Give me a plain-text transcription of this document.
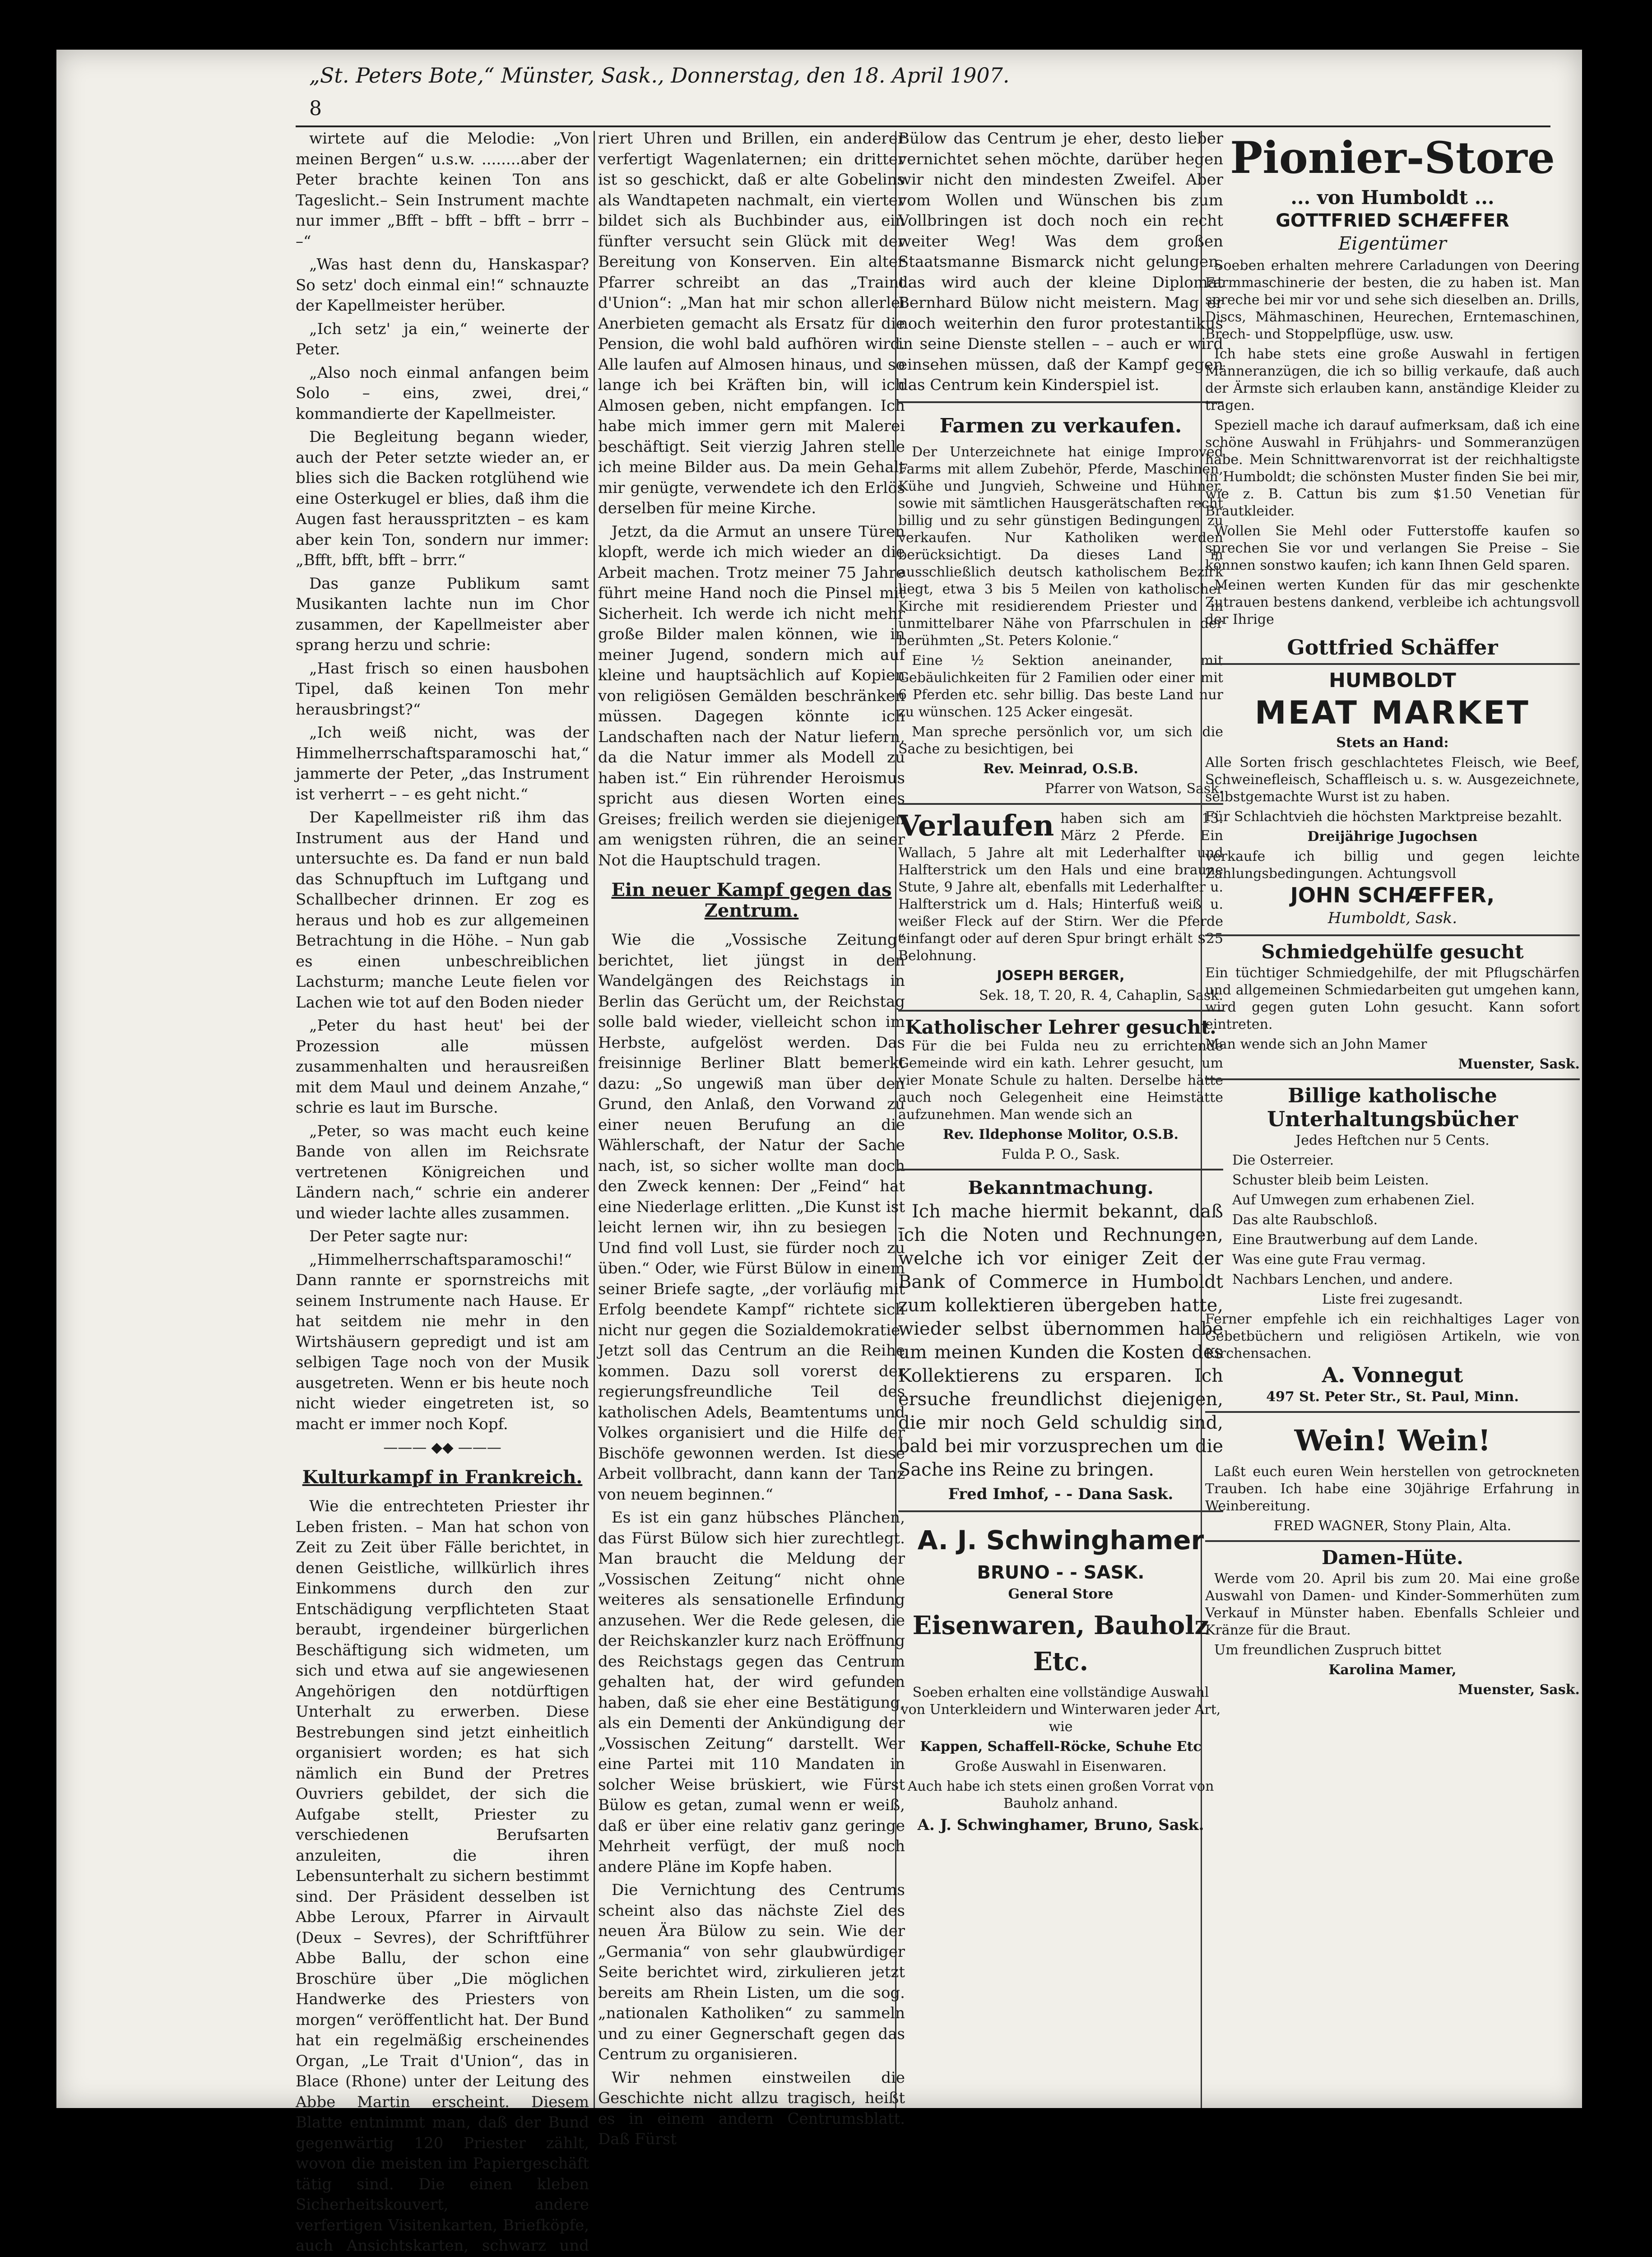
„St. Peters Bote,“ Münster, Sask., Donnerstag, den 18. April 1907.
8

wirtete auf die Melodie: „Von meinen Bergen“ u.s.w. ........aber der Peter brachte keinen Ton ans Tageslicht.– Sein Instrument machte nur immer „Bfft – bfft – bfft – brrr – –“

„Was hast denn du, Hanskaspar? So setz' doch einmal ein!“ schnauzte der Kapellmeister herüber.

„Ich setz' ja ein,“ weinerte der Peter.

„Also noch einmal anfangen beim Solo – eins, zwei, drei,“ kommandierte der Kapellmeister.

Die Begleitung begann wieder, auch der Peter setzte wieder an, er blies sich die Backen rotglühend wie eine Osterkugel er blies, daß ihm die Augen fast herausspritzten – es kam aber kein Ton, sondern nur immer: „Bfft, bfft, bfft – brrr.“

Das ganze Publikum samt Musikanten lachte nun im Chor zusammen, der Kapellmeister aber sprang herzu und schrie:

„Hast frisch so einen hausbohen Tipel, daß keinen Ton mehr herausbringst?“

„Ich weiß nicht, was der Himmelherrschaftsparamoschi hat,“ jammerte der Peter, „das Instrument ist verherrt – – es geht nicht.“

Der Kapellmeister riß ihm das Instrument aus der Hand und untersuchte es. Da fand er nun bald das Schnupftuch im Luftgang und Schallbecher drinnen. Er zog es heraus und hob es zur allgemeinen Betrachtung in die Höhe. – Nun gab es einen unbeschreiblichen Lachsturm; manche Leute fielen vor Lachen wie tot auf den Boden nieder

„Peter du hast heut' bei der Prozession alle müssen zusammenhalten und herausreißen mit dem Maul und deinem Anzahe,“ schrie es laut im Bursche.

„Peter, so was macht euch keine Bande von allen im Reichsrate vertretenen Königreichen und Ländern nach,“ schrie ein anderer und wieder lachte alles zusammen.

Der Peter sagte nur:

„Himmelherrschaftsparamoschi!“ Dann rannte er spornstreichs mit seinem Instrumente nach Hause. Er hat seitdem nie mehr in den Wirtshäusern gepredigt und ist am selbigen Tage noch von der Musik ausgetreten. Wenn er bis heute noch nicht wieder eingetreten ist, so macht er immer noch Kopf.

——— ◆◆ ———

Kulturkampf in Frankreich.

Wie die entrechteten Priester ihr Leben fristen. – Man hat schon von Zeit zu Zeit über Fälle berichtet, in denen Geistliche, willkürlich ihres Einkommens durch den zur Entschädigung verpflichteten Staat beraubt, irgendeiner bürgerlichen Beschäftigung sich widmeten, um sich und etwa auf sie angewiesenen Angehörigen den notdürftigen Unterhalt zu erwerben. Diese Bestrebungen sind jetzt einheitlich organisiert worden; es hat sich nämlich ein Bund der Pretres Ouvriers gebildet, der sich die Aufgabe stellt, Priester zu verschiedenen Berufsarten anzuleiten, die ihren Lebensunterhalt zu sichern bestimmt sind. Der Präsident desselben ist Abbe Leroux, Pfarrer in Airvault (Deux – Sevres), der Schriftführer Abbe Ballu, der schon eine Broschüre über „Die möglichen Handwerke des Priesters von morgen“ veröffentlicht hat. Der Bund hat ein regelmäßig erscheinendes Organ, „Le Trait d'Union“, das in Blace (Rhone) unter der Leitung des Abbe Martin erscheint. Diesem Blatte entnimmt man, daß der Bund gegenwärtig 120 Priester zählt, wovon die meisten im Papiergeschäft tätig sind. Die einen kleben Sicherheitskouvert, andere verfertigen Visitenkarten, Briefköpfe, auch Ansichtskarten, schwarz und

riert Uhren und Brillen, ein anderer verfertigt Wagenlaternen; ein dritter ist so geschickt, daß er alte Gobelins als Wandtapeten nachmalt, ein vierter bildet sich als Buchbinder aus, ein fünfter versucht sein Glück mit der Bereitung von Konserven. Ein alter Pfarrer schreibt an das „Traint d'Union“: „Man hat mir schon allerlei Anerbieten gemacht als Ersatz für die Pension, die wohl bald aufhören wird. Alle laufen auf Almosen hinaus, und so lange ich bei Kräften bin, will ich Almosen geben, nicht empfangen. Ich habe mich immer gern mit Malerei beschäftigt. Seit vierzig Jahren stelle ich meine Bilder aus. Da mein Gehalt mir genügte, verwendete ich den Erlös derselben für meine Kirche.

Jetzt, da die Armut an unsere Türen klopft, werde ich mich wieder an die Arbeit machen. Trotz meiner 75 Jahre führt meine Hand noch die Pinsel mit Sicherheit. Ich werde ich nicht mehr große Bilder malen können, wie in meiner Jugend, sondern mich auf kleine und hauptsächlich auf Kopien von religiösen Gemälden beschränken müssen. Dagegen könnte ich Landschaften nach der Natur liefern, da die Natur immer als Modell zu haben ist.“ Ein rührender Heroismus spricht aus diesen Worten eines Greises; freilich werden sie diejenigen am wenigsten rühren, die an seiner Not die Hauptschuld tragen.

Ein neuer Kampf gegen das Zentrum.

Wie die „Vossische Zeitung“ berichtet, liet jüngst in den Wandelgängen des Reichstags in Berlin das Gerücht um, der Reichstag solle bald wieder, vielleicht schon im Herbste, aufgelöst werden. Das freisinnige Berliner Blatt bemerkt dazu: „So ungewiß man über den Grund, den Anlaß, den Vorwand zu einer neuen Berufung an die Wählerschaft, der Natur der Sache nach, ist, so sicher wollte man doch den Zweck kennen: Der „Feind“ hat eine Niederlage erlitten. „Die Kunst ist leicht lernen wir, ihn zu besiegen – Und find voll Lust, sie fürder noch zu üben.“ Oder, wie Fürst Bülow in einem seiner Briefe sagte, „der vorläufig mit Erfolg beendete Kampf“ richtete sich nicht nur gegen die Sozialdemokratie. Jetzt soll das Centrum an die Reihe kommen. Dazu soll vorerst der regierungsfreundliche Teil des katholischen Adels, Beamtentums und Volkes organisiert und die Hilfe der Bischöfe gewonnen werden. Ist diese Arbeit vollbracht, dann kann der Tanz von neuem beginnen.“

Es ist ein ganz hübsches Plänchen, das Fürst Bülow sich hier zurechtlegt. Man braucht die Meldung der „Vossischen Zeitung“ nicht ohne weiteres als sensationelle Erfindung anzusehen. Wer die Rede gelesen, die der Reichskanzler kurz nach Eröffnung des Reichstags gegen das Centrum gehalten hat, der wird gefunden haben, daß sie eher eine Bestätigung, als ein Dementi der Ankündigung der „Vossischen Zeitung“ darstellt. Wer eine Partei mit 110 Mandaten in solcher Weise brüskiert, wie Fürst Bülow es getan, zumal wenn er weiß, daß er über eine relativ ganz geringe Mehrheit verfügt, der muß noch andere Pläne im Kopfe haben.

Die Vernichtung des Centrums scheint also das nächste Ziel des neuen Ära Bülow zu sein. Wie der „Germania“ von sehr glaubwürdiger Seite berichtet wird, zirkulieren jetzt bereits am Rhein Listen, um die sog. „nationalen Katholiken“ zu sammeln und zu einer Gegnerschaft gegen das Centrum zu organisieren.

Wir nehmen einstweilen die Geschichte nicht allzu tragisch, heißt es in einem andern Centrumsblatt. Daß Fürst

Bülow das Centrum je eher, desto lieber vernichtet sehen möchte, darüber hegen wir nicht den mindesten Zweifel. Aber vom Wollen und Wünschen bis zum Vollbringen ist doch noch ein recht weiter Weg! Was dem großen Staatsmanne Bismarck nicht gelungen, das wird auch der kleine Diplomat Bernhard Bülow nicht meistern. Mag er noch weiterhin den furor protestantikus in seine Dienste stellen – – auch er wird einsehen müssen, daß der Kampf gegen das Centrum kein Kinderspiel ist.

Farmen zu verkaufen.

Der Unterzeichnete hat einige Improved Farms mit allem Zubehör, Pferde, Maschinen, Kühe und Jungvieh, Schweine und Hühner, sowie mit sämtlichen Hausgerätschaften recht billig und zu sehr günstigen Bedingungen zu verkaufen. Nur Katholiken werden berücksichtigt. Da dieses Land in ausschließlich deutsch katholischem Bezirk liegt, etwa 3 bis 5 Meilen von katholischer Kirche mit residierendem Priester und in unmittelbarer Nähe von Pfarrschulen in der berühmten „St. Peters Kolonie.“

Eine ½ Sektion aneinander, mit Gebäulichkeiten für 2 Familien oder einer mit 6 Pferden etc. sehr billig. Das beste Land nur zu wünschen. 125 Acker eingesät.

Man spreche persönlich vor, um sich die Sache zu besichtigen, bei

Rev. Meinrad, O.S.B.

Pfarrer von Watson, Sask.

Verlaufen haben sich am 13. März 2 Pferde. Ein Wallach, 5 Jahre alt mit Lederhalfter und Halfterstrick um den Hals und eine braune Stute, 9 Jahre alt, ebenfalls mit Lederhalfter u. Halfterstrick um d. Hals; Hinterfuß weiß u. weißer Fleck auf der Stirn. Wer die Pferde einfangt oder auf deren Spur bringt erhält $25 Belohnung.

JOSEPH BERGER,

Sek. 18, T. 20, R. 4, Cahaplin, Sask.

Katholischer Lehrer gesucht.

Für die bei Fulda neu zu errichtende Gemeinde wird ein kath. Lehrer gesucht, um vier Monate Schule zu halten. Derselbe hätte auch noch Gelegenheit eine Heimstätte aufzunehmen. Man wende sich an

Rev. Ildephonse Molitor, O.S.B.

Fulda P. O., Sask.

Bekanntmachung.

Ich mache hiermit bekannt, daß ich die Noten und Rechnungen, welche ich vor einiger Zeit der Bank of Commerce in Humboldt zum kollektieren übergeben hatte, wieder selbst übernommen habe um meinen Kunden die Kosten des Kollektierens zu ersparen. Ich ersuche freundlichst diejenigen, die mir noch Geld schuldig sind, bald bei mir vorzusprechen um die Sache ins Reine zu bringen.

Fred Imhof, - - Dana Sask.

A. J. Schwinghamer

BRUNO - - SASK.

General Store

Eisenwaren, Bauholz Etc.

Soeben erhalten eine vollständige Auswahl von Unterkleidern und Winterwaren jeder Art, wie

Kappen, Schaffell-Röcke, Schuhe Etc

Große Auswahl in Eisenwaren.

Auch habe ich stets einen großen Vorrat von Bauholz anhand.

A. J. Schwinghamer, Bruno, Sask.

Pionier-Store

... von Humboldt ...

GOTTFRIED SCHÆFFER

Eigentümer

Soeben erhalten mehrere Carladungen von Deering Farmmaschinerie der besten, die zu haben ist. Man spreche bei mir vor und sehe sich dieselben an. Drills, Discs, Mähmaschinen, Heurechen, Erntemaschinen, Brech- und Stoppelpflüge, usw. usw.

Ich habe stets eine große Auswahl in fertigen Männeranzügen, die ich so billig verkaufe, daß auch der Ärmste sich erlauben kann, anständige Kleider zu tragen.

Speziell mache ich darauf aufmerksam, daß ich eine schöne Auswahl in Frühjahrs- und Sommeranzügen habe. Mein Schnittwarenvorrat ist der reichhaltigste in Humboldt; die schönsten Muster finden Sie bei mir, wie z. B. Cattun bis zum $1.50 Venetian für Brautkleider.

Wollen Sie Mehl oder Futterstoffe kaufen so sprechen Sie vor und verlangen Sie Preise – Sie können sonstwo kaufen; ich kann Ihnen Geld sparen.

Meinen werten Kunden für das mir geschenkte Zutrauen bestens dankend, verbleibe ich achtungsvoll der Ihrige

Gottfried Schäffer

HUMBOLDT

MEAT MARKET

Stets an Hand:

Alle Sorten frisch geschlachtetes Fleisch, wie Beef, Schweinefleisch, Schaffleisch u. s. w. Ausgezeichnete, selbstgemachte Wurst ist zu haben.

Für Schlachtvieh die höchsten Marktpreise bezahlt.

Dreijährige Jugochsen

verkaufe ich billig und gegen leichte Zahlungsbedingungen. Achtungsvoll

JOHN SCHÆFFER,

Humboldt, Sask.

Schmiedgehülfe gesucht

Ein tüchtiger Schmiedgehilfe, der mit Pflugschärfen und allgemeinen Schmiedarbeiten gut umgehen kann, wird gegen guten Lohn gesucht. Kann sofort eintreten.

Man wende sich an John Mamer

Muenster, Sask.

Billige katholische

Unterhaltungsbücher

Jedes Heftchen nur 5 Cents.

Die Osterreier.

Schuster bleib beim Leisten.

Auf Umwegen zum erhabenen Ziel.

Das alte Raubschloß.

Eine Brautwerbung auf dem Lande.

Was eine gute Frau vermag.

Nachbars Lenchen, und andere.

Liste frei zugesandt.

Ferner empfehle ich ein reichhaltiges Lager von Gebetbüchern und religiösen Artikeln, wie von Kirchensachen.

A. Vonnegut

497 St. Peter Str., St. Paul, Minn.

Wein! Wein!

Laßt euch euren Wein herstellen von getrockneten Trauben. Ich habe eine 30jährige Erfahrung in Weinbereitung.

FRED WAGNER, Stony Plain, Alta.

Damen-Hüte.

Werde vom 20. April bis zum 20. Mai eine große Auswahl von Damen- und Kinder-Sommerhüten zum Verkauf in Münster haben. Ebenfalls Schleier und Kränze für die Braut.

Um freundlichen Zuspruch bittet

Karolina Mamer,

Muenster, Sask.
